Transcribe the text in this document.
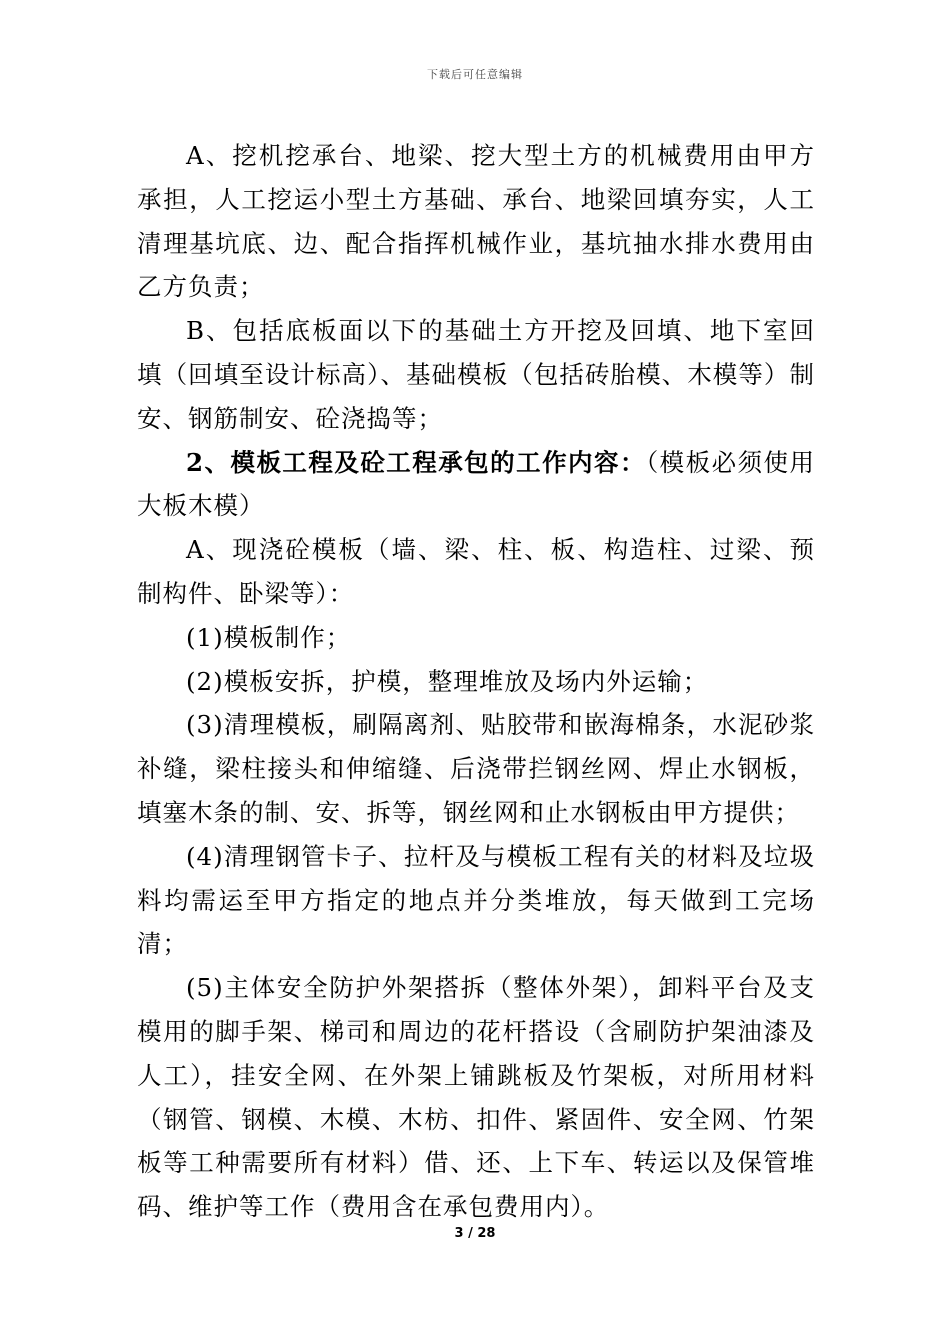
下载后可任意编辑

A、挖机挖承台、地梁、挖大型土方的机械费用由甲方承担，人工挖运小型土方基础、承台、地梁回填夯实，人工清理基坑底、边、配合指挥机械作业，基坑抽水排水费用由乙方负责；

B、包括底板面以下的基础土方开挖及回填、地下室回填（回填至设计标高）、基础模板（包括砖胎模、木模等）制安、钢筋制安、砼浇捣等；

2、模板工程及砼工程承包的工作内容：（模板必须使用大板木模）

A、现浇砼模板（墙、梁、柱、板、构造柱、过梁、预制构件、卧梁等）：

(1)模板制作；

(2)模板安拆，护模，整理堆放及场内外运输；

(3)清理模板，刷隔离剂、贴胶带和嵌海棉条，水泥砂浆补缝，梁柱接头和伸缩缝、后浇带拦钢丝网、焊止水钢板，填塞木条的制、安、拆等，钢丝网和止水钢板由甲方提供；

(4)清理钢管卡子、拉杆及与模板工程有关的材料及垃圾料均需运至甲方指定的地点并分类堆放，每天做到工完场清；

(5)主体安全防护外架搭拆（整体外架），卸料平台及支模用的脚手架、梯司和周边的花杆搭设（含刷防护架油漆及人工），挂安全网、在外架上铺跳板及竹架板，对所用材料（钢管、钢模、木模、木枋、扣件、紧固件、安全网、竹架板等工种需要所有材料）借、还、上下车、转运以及保管堆码、维护等工作（费用含在承包费用内）。

3 / 28
